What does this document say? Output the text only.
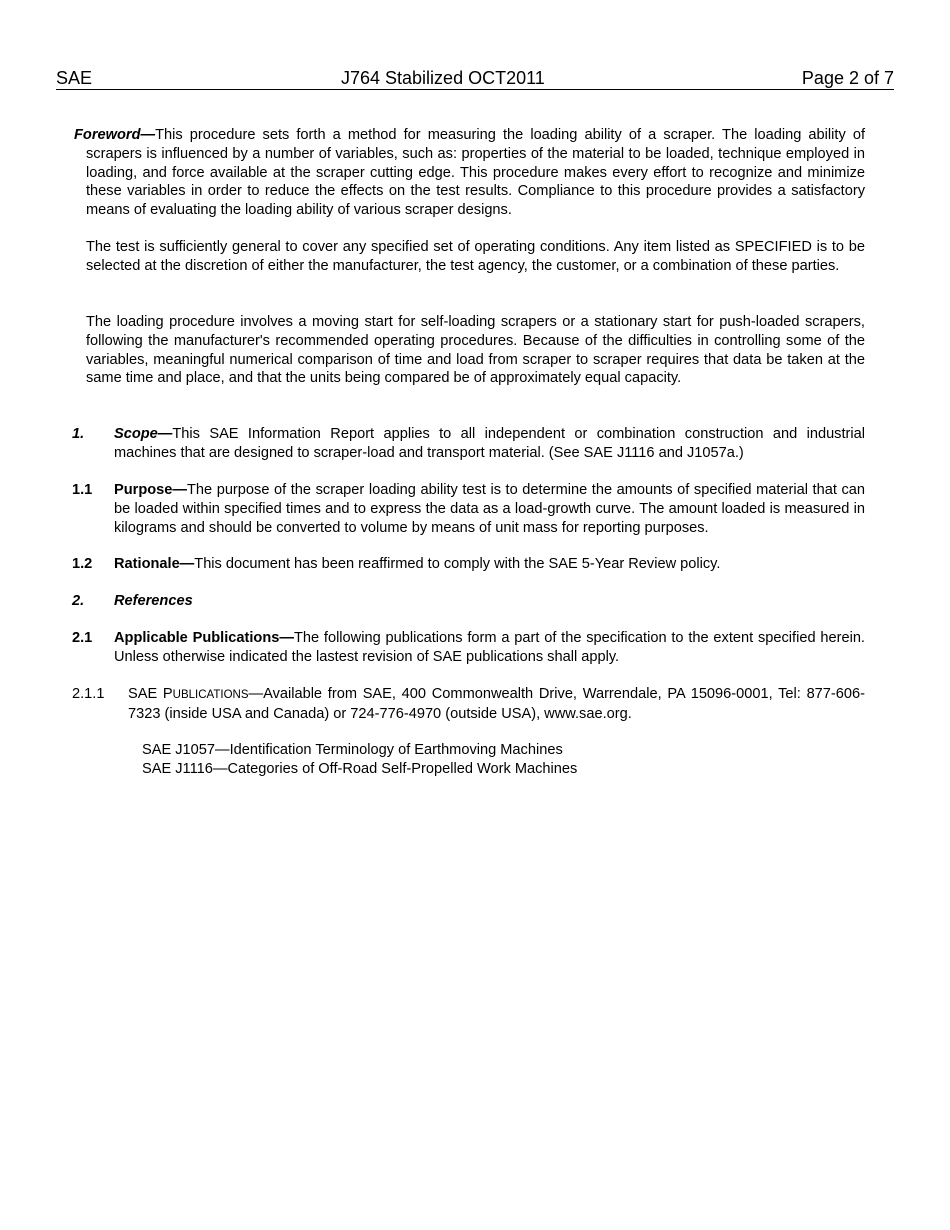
SAE	J764 Stabilized OCT2011	Page 2 of 7
Foreword—This procedure sets forth a method for measuring the loading ability of a scraper. The loading ability of scrapers is influenced by a number of variables, such as: properties of the material to be loaded, technique employed in loading, and force available at the scraper cutting edge. This procedure makes every effort to recognize and minimize these variables in order to reduce the effects on the test results. Compliance to this procedure provides a satisfactory means of evaluating the loading ability of various scraper designs.
The test is sufficiently general to cover any specified set of operating conditions. Any item listed as SPECIFIED is to be selected at the discretion of either the manufacturer, the test agency, the customer, or a combination of these parties.
The loading procedure involves a moving start for self-loading scrapers or a stationary start for push-loaded scrapers, following the manufacturer's recommended operating procedures. Because of the difficulties in controlling some of the variables, meaningful numerical comparison of time and load from scraper to scraper requires that data be taken at the same time and place, and that the units being compared be of approximately equal capacity.
1. Scope—This SAE Information Report applies to all independent or combination construction and industrial machines that are designed to scraper-load and transport material. (See SAE J1116 and J1057a.)
1.1 Purpose—The purpose of the scraper loading ability test is to determine the amounts of specified material that can be loaded within specified times and to express the data as a load-growth curve. The amount loaded is measured in kilograms and should be converted to volume by means of unit mass for reporting purposes.
1.2 Rationale—This document has been reaffirmed to comply with the SAE 5-Year Review policy.
2. References
2.1 Applicable Publications—The following publications form a part of the specification to the extent specified herein. Unless otherwise indicated the lastest revision of SAE publications shall apply.
2.1.1 SAE PUBLICATIONS—Available from SAE, 400 Commonwealth Drive, Warrendale, PA 15096-0001, Tel: 877-606-7323 (inside USA and Canada) or 724-776-4970 (outside USA), www.sae.org.
SAE J1057—Identification Terminology of Earthmoving Machines
SAE J1116—Categories of Off-Road Self-Propelled Work Machines
